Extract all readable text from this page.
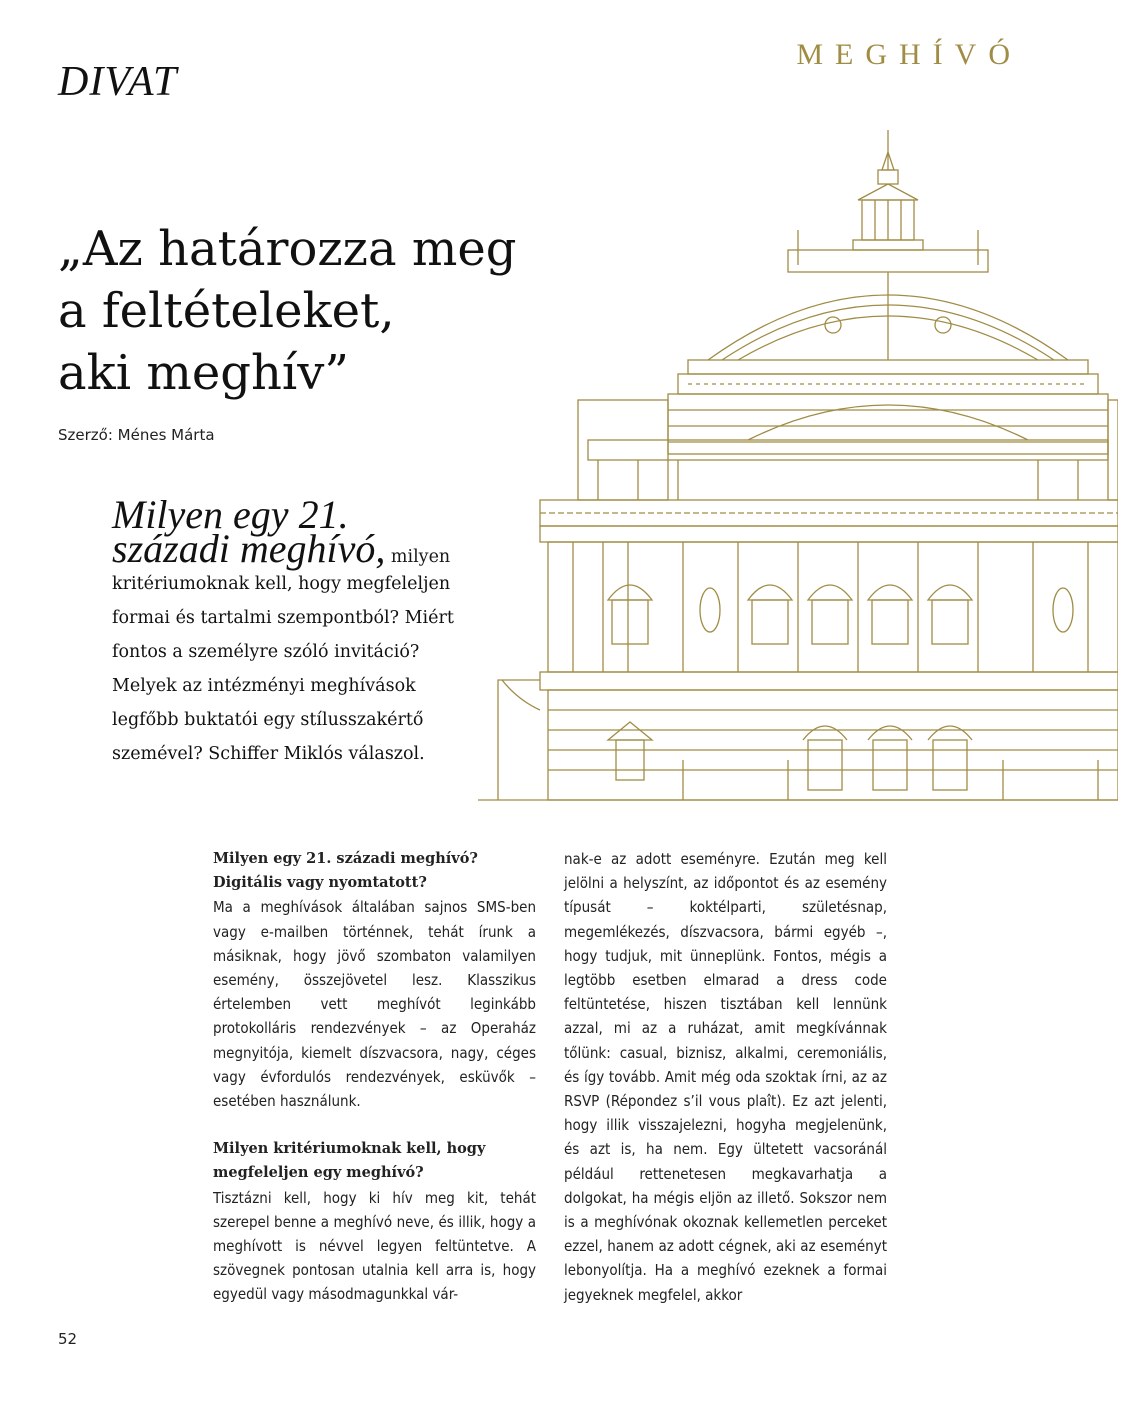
DIVAT
MEGHÍVÓ
„Az határozza meg
a feltételeket,
aki meghív”
Szerző: Ménes Márta
Milyen egy 21.
századi meghívó, milyen
kritériumoknak kell, hogy megfeleljen
formai és tartalmi szempontból? Miért
fontos a személyre szóló invitáció?
Melyek az intézményi meghívások
legfőbb buktatói egy stílusszakértő
szemével? Schiffer Miklós válaszol.
Milyen egy 21. századi meghívó? Digitális vagy nyomtatott?

Ma a meghívások általában sajnos SMS-ben vagy e-mailben történnek, tehát írunk a másiknak, hogy jövő szombaton valamilyen esemény, összejövetel lesz. Klasszikus értelemben vett meghívót leginkább protokolláris rendezvények – az Operaház megnyitója, kiemelt díszvacsora, nagy, céges vagy évfordulós rendezvények, esküvők – esetében használunk.

Milyen kritériumoknak kell, hogy megfeleljen egy meghívó?

Tisztázni kell, hogy ki hív meg kit, tehát szerepel benne a meghívó neve, és illik, hogy a meghívott is névvel legyen feltüntetve. A szövegnek pontosan utalnia kell arra is, hogy egyedül vagy másodmagunkkal vár-

nak-e az adott eseményre. Ezután meg kell jelölni a helyszínt, az időpontot és az esemény típusát – koktélparti, születésnap, megemlékezés, díszvacsora, bármi egyéb –, hogy tudjuk, mit ünneplünk. Fontos, mégis a legtöbb esetben elmarad a dress code feltüntetése, hiszen tisztában kell lennünk azzal, mi az a ruházat, amit megkívánnak tőlünk: casual, biznisz, alkalmi, ceremoniális, és így tovább. Amit még oda szoktak írni, az az RSVP (Répondez s’il vous plaît). Ez azt jelenti, hogy illik visszajelezni, hogyha megjelenünk, és azt is, ha nem. Egy ültetett vacsoránál például rettenetesen megkavarhatja a dolgokat, ha mégis eljön az illető. Sokszor nem is a meghívónak okoznak kellemetlen perceket ezzel, hanem az adott cégnek, aki az eseményt lebonyolítja. Ha a meghívó ezeknek a formai jegyeknek megfelel, akkor

52
